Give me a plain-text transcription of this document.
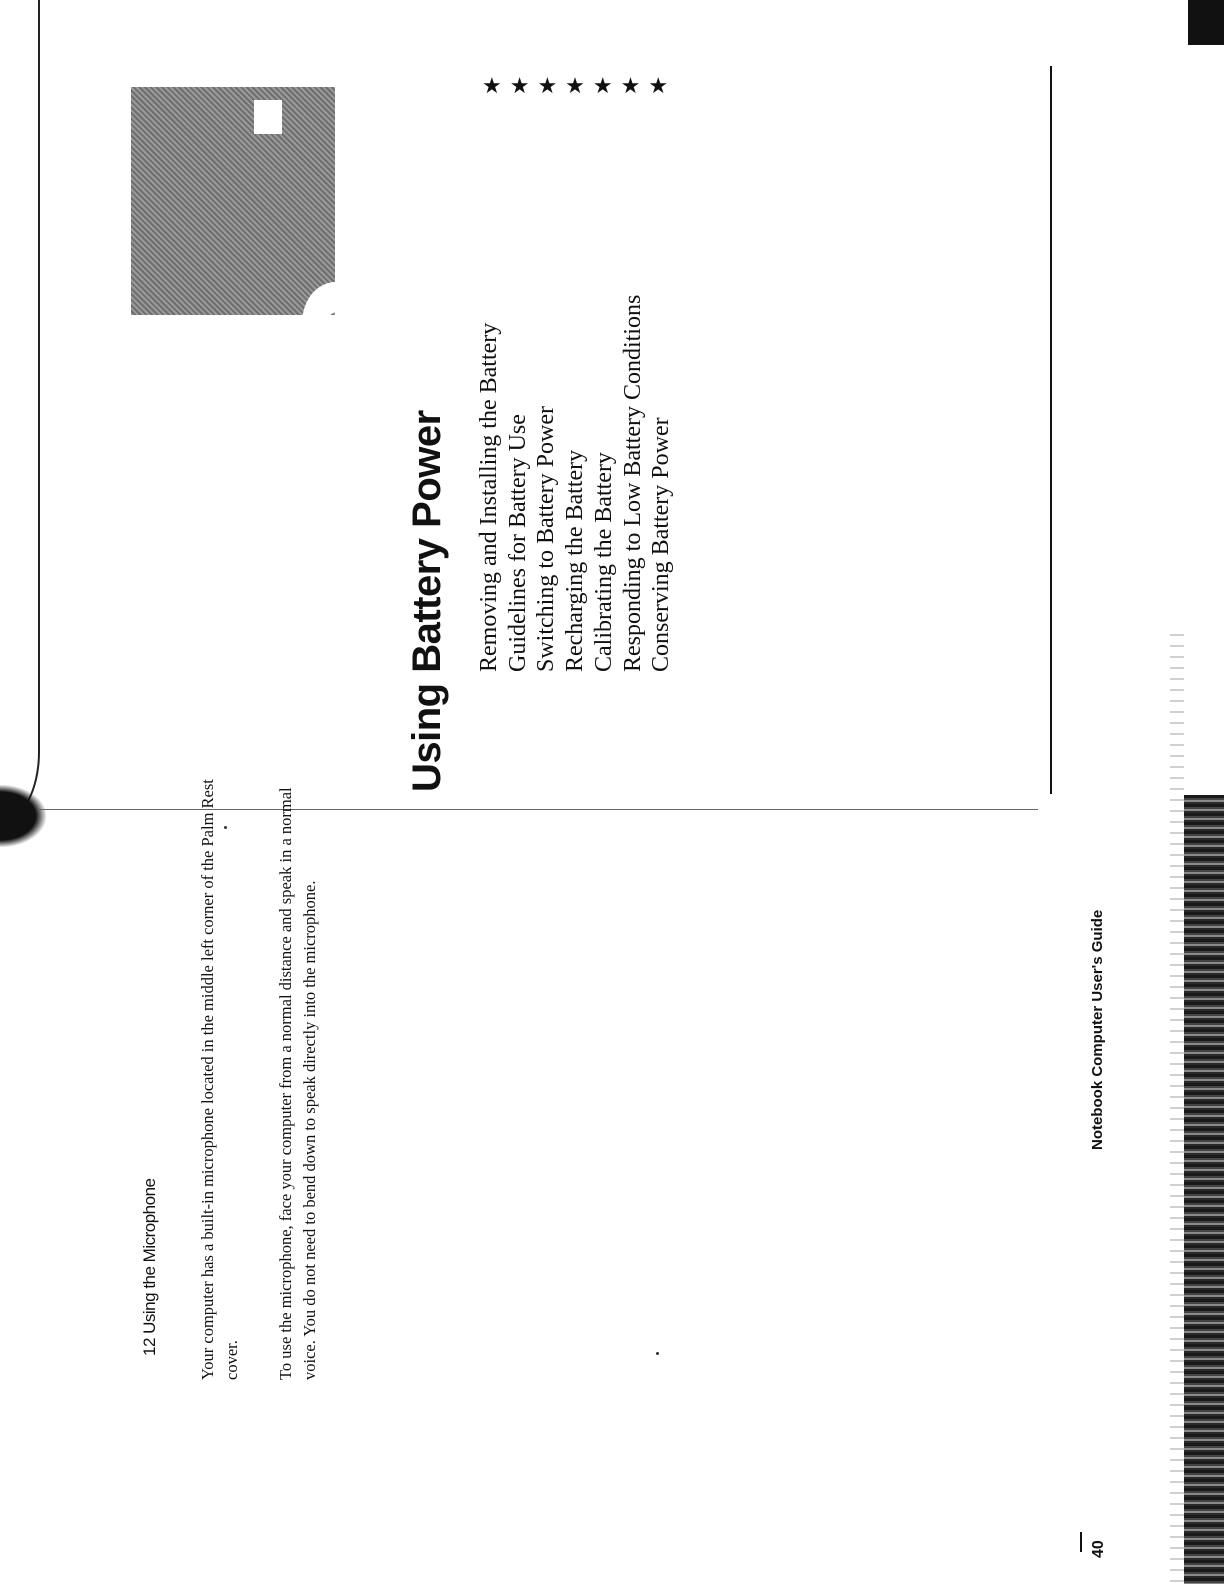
3
★★★★★★★
Using Battery Power Removing and Installing the Battery Guidelines for Battery Use Switching to Battery Power Recharging the Battery Calibrating the Battery Responding to Low Battery Conditions Conserving Battery Power
12 Using the Microphone Your computer has a built-in microphone located in the middle left corner of the Palm Rest cover. To use the microphone, face your computer from a normal distance and speak in a normal voice. You do not need to bend down to speak directly into the microphone.	Notebook Computer User's Guide
40
